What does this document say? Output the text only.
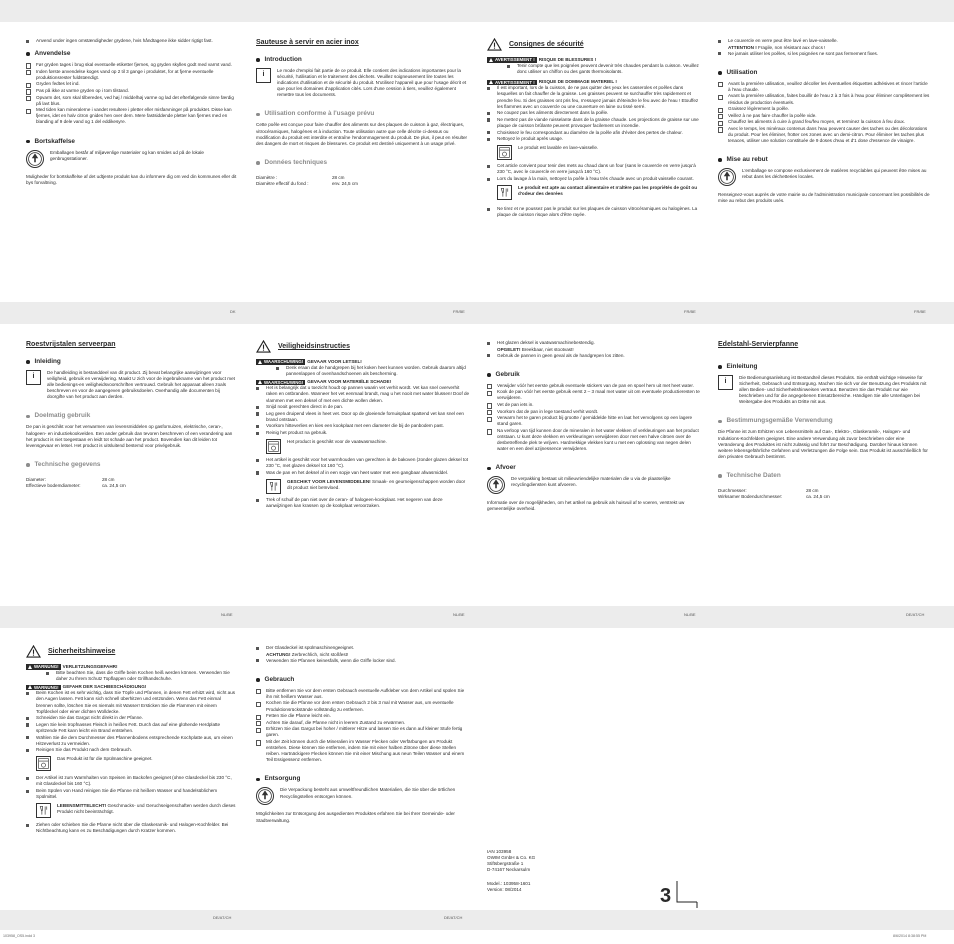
Anvend under ingen omstændigheder grydene, hvis håndtagene ikke sidder rigtigt fast.
Anvendelse
Før gryden tages i brug skal eventuelle etiketter fjernes, og gryden skylles godt med varmt vand.
Inden første anvendelse koges vand op 2 til 3 gange i produktet, for at fjerne eventuelle produktionsrester fuldstændigt.
Gryden fedtes let ind.
Pas på ikke at varme gryden op i tom tilstand.
Opvarm det, som skal tilberedes, ved høj / middelhøj varme og lad det efterfølgende simre færdig på lavt blus.
Med tiden kan mineralerne i vandet resultere i pletter eller misfarvninger på produktet. Disse kan fjernes, idet en halv citron gnides hen over dem. Mere fastsiddende pletter kan fjernes med en blanding af 9 dele vand og 1 del eddikesyre.
Bortskaffelse
Emballagen består af miljøvenlige materialer og kan smides ud på de lokale genbrugsstationer.
Muligheder for bortskaffelse af det udtjente produkt kan du informere dig om ved din kommunes eller dit bys forvaltning.
Sauteuse à servir en acier inox
Introduction
i
Le mode d'emploi fait partie de ce produit. Elle contient des indications importantes pour la sécurité, l'utilisation et le traitement des déchets. Veuillez soigneusement lire toutes les indications d'utilisation et de sécurité du produit. N'utilisez l'appareil que pour l'usage décrit et que pour les domaines d'application cités. Lors d'une cession à tiers, veuillez également remettre tous les documents.
Utilisation conforme à l'usage prévu
Cette poêle est conçue pour faire chauffer des aliments sur des plaques de cuisson à gaz, électriques, vitrocéramiques, halogènes et à induction. Toute utilisation autre que celle décrite ci-dessus ou modification du produit est interdite et entraîne l'endommagement du produit. De plus, il peut en résulter des dangers de mort et risques de blessures. Ce produit est destiné uniquement à un usage privé.
Données techniques
Diamètre :	28 cm
Diamètre effectif du fond :	env. 24,5 cm
Consignes de sécurité
AVERTISSEMENT ! RISQUE DE BLESSURES !
Tenir compte que les poignées peuvent devenir très chaudes pendant la cuisson. Veuillez donc utiliser un chiffon ou des gants thermoisolants.
AVERTISSEMENT ! RISQUE DE DOMMAGE MATERIEL !
Il est important, lors de la cuisson, de ne pas quitter des yeux les casseroles et poêles dans lesquelles on fait chauffer de la graisse. Les graisses peuvent se surchauffer très rapidement et prendre feu. Si des graisses ont pris feu, n'essayez jamais d'éteindre le feu avec de l'eau ! Etouffez les flammes avec un couvercle ou une couverture en laine ou tissé serré.
Ne coupez pas les aliments directement dans la poêle.
Ne mettez pas de viande ruisselante dans de la graisse chaude. Les projections de graisse sur une plaque de cuisson brûlante peuvent provoquer facilement un incendie.
Choisissez le feu correspondant au diamètre de la poêle afin d'éviter des pertes de chaleur.
Nettoyez le produit après usage.
Le produit est lavable en lave-vaisselle.
Cet article convient pour tenir des mets au chaud dans un four (sans le couvercle en verre jusqu'à 230 °C, avec le couvercle en verre jusqu'à 160 °C).
Lors du lavage à la main, nettoyez la poêle à l'eau très chaude avec un produit vaisselle courant.
Le produit est apte au contact alimentaire et n'altère pas les propriétés de goût ou d'odeur des denrées
Ne tirez et ne poussez pas le produit sur les plaques de cuisson vitrocéramiques ou halogènes. La plaque de cuisson risque alors d'être rayée.
Le couvercle en verre peut être lavé en lave-vaisselle.
ATTENTION ! Fragile, non résistant aux chocs !
Ne jamais utiliser les poêles, si les poignées ne sont pas fermement fixes.
Utilisation
Avant la première utilisation, veuillez décoller les éventuelles étiquettes adhésives et rincer l'article à l'eau chaude.
Avant la première utilisation, faites bouillir de l'eau 2 à 3 fois à l'eau pour éliminer complètement les résidus de production éventuels.
Graissez légèrement la poêle.
Veillez à ne pas faire chauffer la poêle vide.
Chauffez les aliments à cuire à grand feu/feu moyen, et terminez la cuisson à feu doux.
Avec le temps, les minéraux contenus dans l'eau peuvent causer des taches ou des décolorations du produit. Pour les éliminer, frotter ces zones avec un demi-citron. Pour éliminer les taches plus tenaces, utiliser une solution constituée de 9 doses d'eau et d'1 dose d'essence de vinaigre.
Mise au rebut
L'emballage se compose exclusivement de matières recyclables qui peuvent être mises au rebut dans les déchetteries locales.
Renseignez-vous auprès de votre mairie ou de l'administration municipale concernant les possibilités de mise au rebut des produits usés.
DK	FR/BE	FR/BE	FR/BE
Roestvrijstalen serveerpan
Inleiding
i
De handleiding is bestanddeel van dit product. Zij bevat belangrijke aanwijzingen voor veiligheid, gebruik en verwijdering. Maakt U zich voor de ingebruikname van het product met alle bedienings-en veiligheidsvoorschriften vertrouwd. Gebruik het apparaat alleen zoals beschreven en voor de aangegeven gebruiksdoelen. Overhandig alle documenten bij doorgifte van het product aan derden.
Doelmatig gebruik
De pan is geschikt voor het verwarmen van levensmiddelen op gasfornuizen, elektrische, ceran-, halogeen- en inductiekookvelden. Een ander gebruik dan tevoren beschreven of een verandering aan het product is niet toegestaan en leidt tot schade aan het product. Bovendien kan dit leiden tot levensgevaar en letsel. Het product is uitsluitend bestemd voor privégebruik.
Technische gegevens
Diameter:	28 cm
Effectieve bodemdiameter:	ca. 24,5 cm
Veiligheidsinstructies
WAARSCHUWING! GEVAAR VOOR LETSEL!
Denk eraan dat de handgrepen bij het koken heet kunnen worden. Gebruik daarom altijd pannenlappen of ovenhandschoenen als bescherming.
WAARSCHUWING! GEVAAR VOOR MATERIËLE SCHADE!
Het is belangrijk dat u toezicht houdt op pannen waarin vet verhit wordt. Vet kan snel oververhit raken en ontbranden. Wanneer het vet eenmaal brandt, mag u het nooit met water blussen! Doof de vlammen met een deksel of met een dichte wollen deken.
Snijd nooit gerechten direct in de pan.
Leg geen druipend vlees in heet vet. Door op de gloeiende fornuisplaat spattend vet kan snel een brand ontstaan.
Voorkom hitteverlies en kies een kookplaat met een diameter die bij de panbodem past.
Reinig het product na gebruik.
Het product is geschikt voor de vaatwasmachine.
Het artikel is geschikt voor het warmhouden van gerechten in de bakoven (zonder glazen deksel tot 230 °C, met glazen deksel tot 160 °C).
Was de pan en het deksel af in een sopje van heet water met een gangbaar afwasmiddel.
GESCHIKT VOOR LEVENSMIDDELEN! Smaak- en geurneigenschappen worden door dit product niet beïnvloed.
Trek of schuif de pan niet over de ceran- of halogeen-kookplaat. Het negeren van deze aanwijzingen kan krassen op de kookplaat veroorzaken.
Het glazen deksel is vaatwasmachinebestendig.
OPGELET! Breekbaar, niet stootvast!
Gebruik de pannen in geen geval als de handgrepen los zitten.
Gebruik
Verwijder vóór het eerste gebruik eventuele stickers van de pan en spoel hem uit met heet water.
Kook de pan vóór het eerste gebruik eerst 2 – 3 maal met water uit om eventuele productieresten te verwijderen.
Vet de pan iets in.
Voorkom dat de pan in lege toestand verhit wordt.
Verwarm het te garen product bij grootte / gemiddelde hitte en laat het vervolgens op een lagere stand garen.
Na verloop van tijd kunnen door de mineralen in het water vlekken of verkleuringen aan het product ontstaan. U kunt deze vlekken en verkleuringen verwijderen door met een halve citroen over de desbetreffende plek te wrijven. Hardnekkige vlekken kunt u met een oplossing van negen delen water en een deel azijnessence verwijderen.
Afvoer
De verpakking bestaat uit milieuvriendelijke materialen die u via de plaatselijke recyclingdiensten kunt afvoeren.
Informatie over de mogelijkheden, om het artikel na gebruik als huisvuil af te voeren, verstrekt uw gemeentelijke overheid.
Edelstahl-Servierpfanne
Einleitung
i
Die Bedienungsanleitung ist Bestandteil dieses Produkts. Sie enthält wichtige Hinweise für Sicherheit, Gebrauch und Entsorgung. Machen Sie sich vor der Benutzung des Produkts mit allen Bedien- und Sicherheitshinweisen vertraut. Benutzen Sie das Produkt nur wie beschrieben und für die angegebenen Einsatzbereiche. Händigen Sie alle Unterlagen bei Weitergabe des Produkts an Dritte mit aus.
Bestimmungsgemäße Verwendung
Die Pfanne ist zum Erhitzen von Lebensmitteln auf Gas-, Elektro-, Glaskeramik-, Halogen- und Induktions-Kochfeldern geeignet. Eine andere Verwendung als zuvor beschrieben oder eine Veränderung des Produktes ist nicht zulässig und führt zur Beschädigung. Darüber hinaus können weitere lebensgefährliche Gefahren und Verletzungen die Folge sein. Das Produkt ist ausschließlich für den privaten Gebrauch bestimmt.
Technische Daten
Durchmesser:	28 cm
Wirksamer Bodendurchmesser:	ca. 24,5 cm
NL/BE	NL/BE	NL/BE	DE/AT/CH
Sicherheitshinweise
WARNUNG! VERLETZUNGSGEFAHR!
Bitte beachten Sie, dass die Griffe beim Kochen heiß werden können. Verwenden Sie daher zu Ihrem Schutz Topflappen oder Grillhandschuhe.
WARNUNG! GEFAHR DER SACHBESCHÄDIGUNG!
Beim Kochen ist es sehr wichtig, dass Sie Töpfe und Pfannen, in denen Fett erhitzt wird, nicht aus den Augen lassen. Fett kann sich schnell überhitzen und entzünden. Wenn das Fett einmal brennen sollte, löschen Sie es niemals mit Wasser! Ersticken Sie die Flammen mit einem Topfdeckel oder einer dichten Wolldecke.
Schneiden Sie das Gargut nicht direkt in der Pfanne.
Legen Sie kein tropfnasses Fleisch in heißes Fett. Durch das auf eine glühende Herdplatte spritzende Fett kann leicht ein Brand entstehen.
Wählen Sie die dem Durchmesser des Pfannenbodens entsprechende Kochplatte aus, um einen Hitzeverlust zu vermeiden.
Reinigen Sie das Produkt nach dem Gebrauch.
Das Produkt ist für die Spülmaschine geeignet.
Der Artikel ist zum Warmhalten von Speisen im Backofen geeignet (ohne Glasdeckel bis 230 °C, mit Glasdeckel bis 160 °C).
Beim Spülen von Hand reinigen Sie die Pfanne mit heißem Wasser und handelsüblichem Spülmittel.
LEBENSMITTELECHT! Geschmacks- und Geruchseigenschaften werden durch dieses Produkt nicht beeinträchtigt.
Ziehen oder schieben Sie die Pfanne nicht über die Glaskeramik- und Halogen-Kochfelder. Bei Nichtbeachtung kann es zu Beschädigungen durch Kratzer kommen.
Der Glasdeckel ist spülmaschinengeeignet.
ACHTUNG! Zerbrechlich, nicht stoßfest!
Verwenden Sie Pfannen keinesfalls, wenn die Griffe locker sind.
Gebrauch
Bitte entfernen Sie vor dem ersten Gebrauch eventuelle Aufkleber von dem Artikel und spülen Sie ihn mit heißem Wasser aus.
Kochen Sie die Pfanne vor dem ersten Gebrauch 2 bis 3 mal mit Wasser aus, um eventuelle Produktionsrückstände vollständig zu entfernen.
Fetten Sie die Pfanne leicht ein.
Achten Sie darauf, die Pfanne nicht in leerem Zustand zu erwärmen.
Erhitzen Sie das Gargut bei hoher / mittlerer Hitze und lassen Sie es dann auf kleiner Stufe fertig garen.
Mit der Zeit können durch die Mineralien im Wasser Flecken oder Verfärbungen am Produkt entstehen. Diese können Sie entfernen, indem Sie mit einer halben Zitrone über diese Stellen reiben. Hartnäckigere Flecken können Sie mit einer Mischung aus neun Teilen Wasser und einem Teil Essigessenz entfernen.
Entsorgung
Die Verpackung besteht aus umweltfreundlichen Materialien, die Sie über die örtlichen Recyclingstellen entsorgen können.
Möglichkeiten zur Entsorgung des ausgedienten Produktes erfahren Sie bei Ihrer Gemeinde- oder Stadtverwaltung.
IAN 103958
OWIM GmbH & Co. KG
Stiftsbergstraße 1
D-74167 Neckarsulm
Model.: 103958-1601
Version: 08/2014	3
DE/AT/CH	DE/AT/CH
103958_OS5.indd 3	8/6/2014 8:38:55 PM
